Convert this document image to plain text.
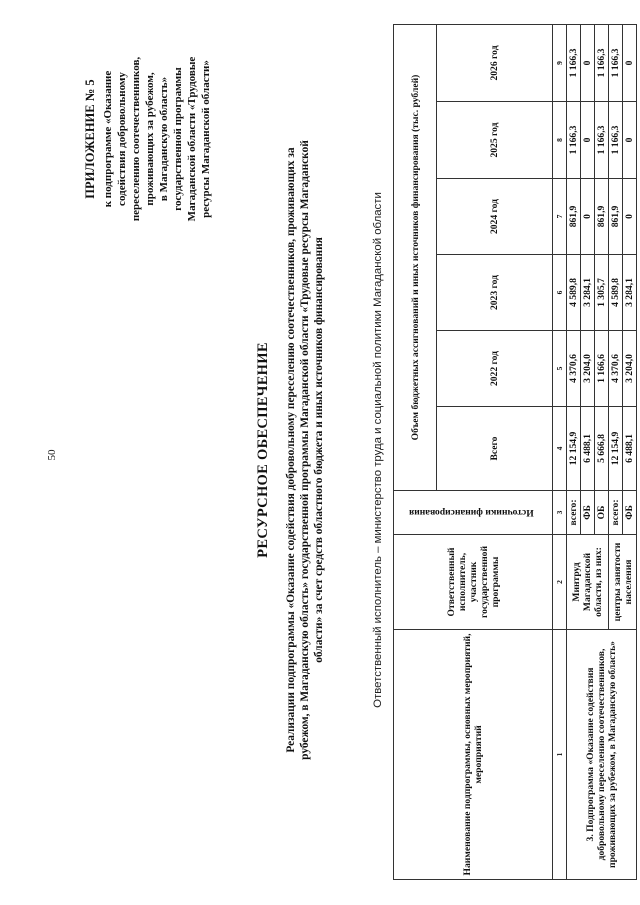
50
ПРИЛОЖЕНИЕ № 5 к подпрограмме «Оказание содействия добровольному переселению соотечественников, проживающих за рубежом, в Магаданскую область» государственной программы Магаданской области «Трудовые ресурсы Магаданской области»
РЕСУРСНОЕ ОБЕСПЕЧЕНИЕ Реализации подпрограммы «Оказание содействия добровольному переселению соотечественников, проживающих за рубежом, в Магаданскую область» государственной программы Магаданской области «Трудовые ресурсы Магаданской области» за счет средств областного бюджета и иных источников финансирования	Ответственный исполнитель – министерство труда и социальной политики Магаданской области
Наименование подпрограммы, основных мероприятий, мероприятий	Ответственный исполнитель, участник государственной программы	Источники финансирования	Объем бюджетных ассигнований и иных источников финансирования (тыс. рублей)					
			Всего	2022 год	2023 год	2024 год	2025 год	2026 год
1	2	3	4	5	6	7	8	9
3. Подпрограмма «Оказание содействия добровольному переселению соотечественников, проживающих за рубежом, в Магаданскую область»	Минтруд Магаданской области, из них:	всего:	12 154,9	4 370,6	4 589,8	861,9	1 166,3	1 166,3
		ФБ	6 488,1	3 204,0	3 284,1	0	0	0
		ОБ	5 666,8	1 166,6	1 305,7	861,9	1 166,3	1 166,3
	центры занятости населения	всего:	12 154,9	4 370,6	4 589,8	861,9	1 166,3	1 166,3
		ФБ	6 488,1	3 204,0	3 284,1	0	0	0
